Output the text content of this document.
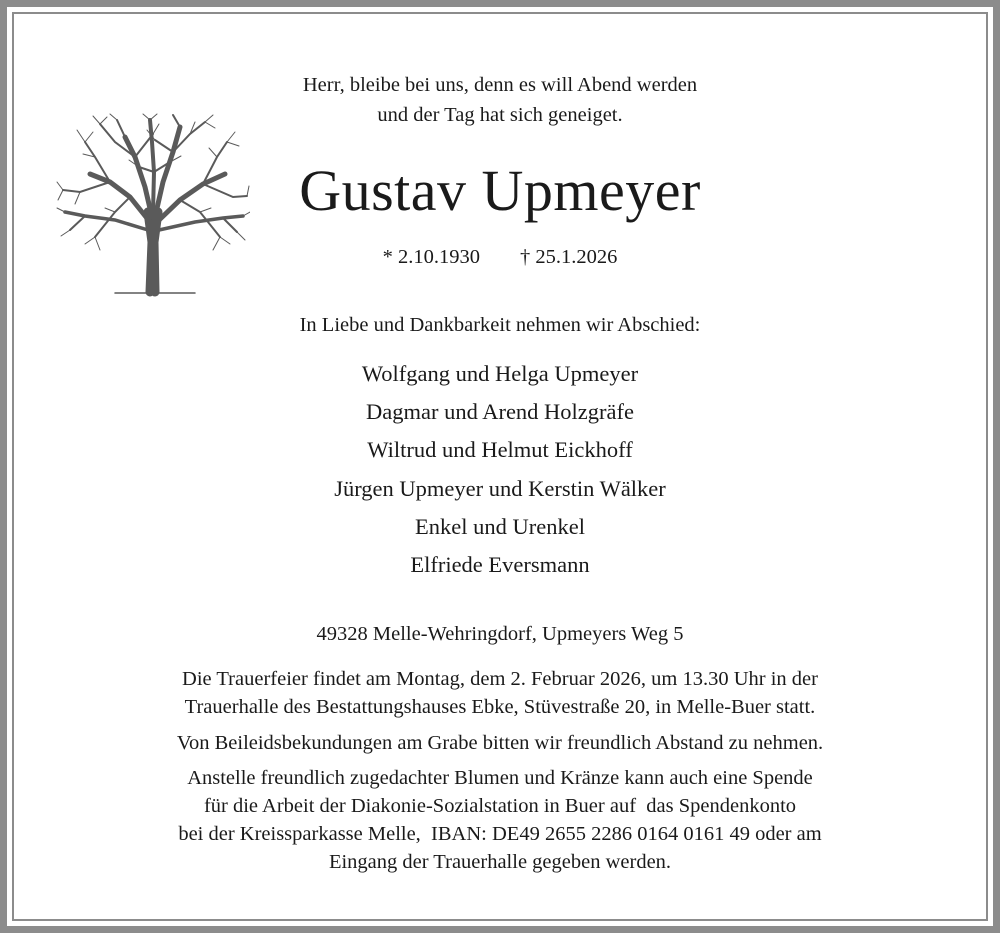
Herr, bleibe bei uns, denn es will Abend werden
und der Tag hat sich geneiget.
Gustav Upmeyer
* 2.10.1930 † 25.1.2026
In Liebe und Dankbarkeit nehmen wir Abschied:
Wolfgang und Helga Upmeyer
Dagmar und Arend Holzgräfe
Wiltrud und Helmut Eickhoff
Jürgen Upmeyer und Kerstin Wälker
Enkel und Urenkel
Elfriede Eversmann
49328 Melle-Wehringdorf, Upmeyers Weg 5
Die Trauerfeier findet am Montag, dem 2. Februar 2026, um 13.30 Uhr in der
Trauerhalle des Bestattungshauses Ebke, Stüvestraße 20, in Melle-Buer statt.
Von Beileidsbekundungen am Grabe bitten wir freundlich Abstand zu nehmen.
Anstelle freundlich zugedachter Blumen und Kränze kann auch eine Spende
für die Arbeit der Diakonie-Sozialstation in Buer auf  das Spendenkonto
bei der Kreissparkasse Melle,  IBAN: DE49 2655 2286 0164 0161 49 oder am
Eingang der Trauerhalle gegeben werden.
